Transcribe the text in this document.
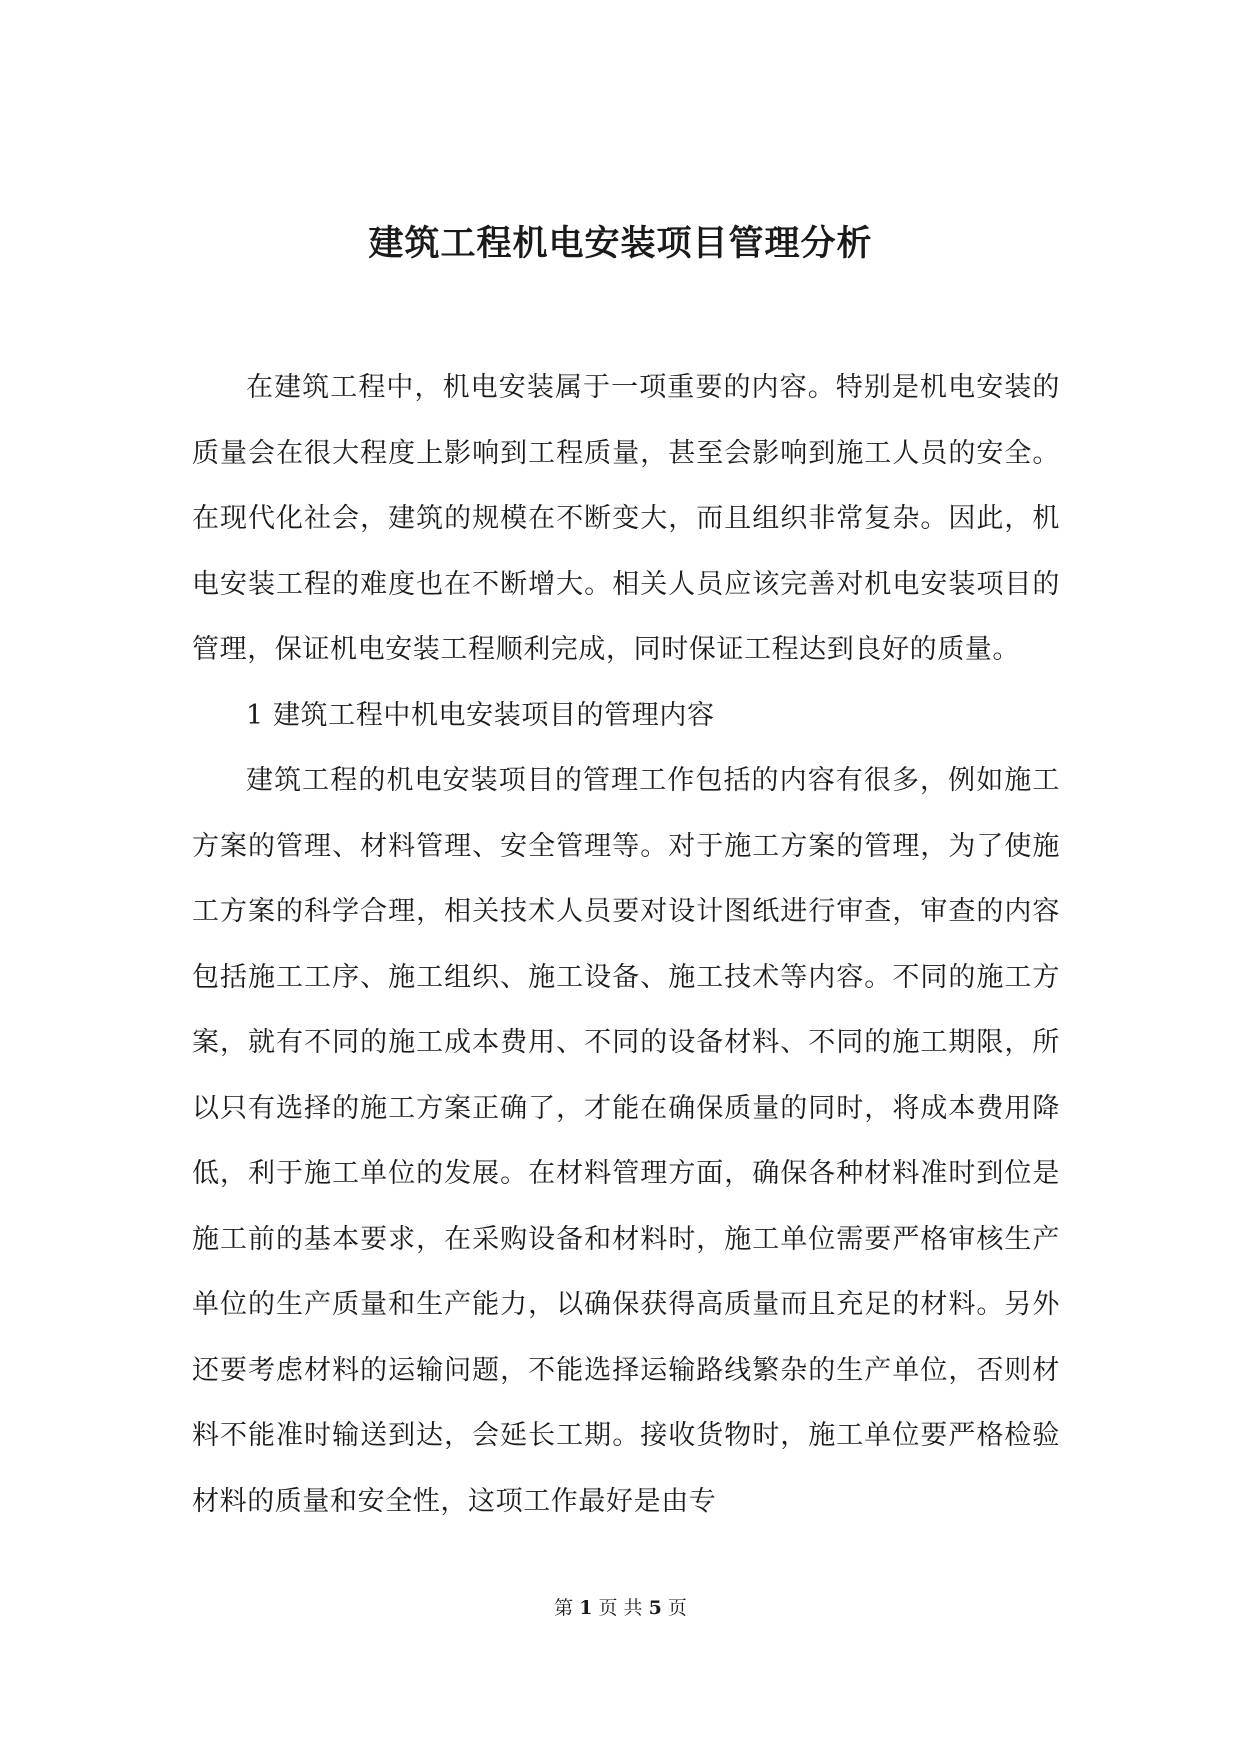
建筑工程机电安装项目管理分析

在建筑工程中，机电安装属于一项重要的内容。特别是机电安装的质量会在很大程度上影响到工程质量，甚至会影响到施工人员的安全。在现代化社会，建筑的规模在不断变大，而且组织非常复杂。因此，机电安装工程的难度也在不断增大。相关人员应该完善对机电安装项目的管理，保证机电安装工程顺利完成，同时保证工程达到良好的质量。

1 建筑工程中机电安装项目的管理内容

建筑工程的机电安装项目的管理工作包括的内容有很多，例如施工方案的管理、材料管理、安全管理等。对于施工方案的管理，为了使施工方案的科学合理，相关技术人员要对设计图纸进行审查，审查的内容包括施工工序、施工组织、施工设备、施工技术等内容。不同的施工方案，就有不同的施工成本费用、不同的设备材料、不同的施工期限，所以只有选择的施工方案正确了，才能在确保质量的同时，将成本费用降低，利于施工单位的发展。在材料管理方面，确保各种材料准时到位是施工前的基本要求，在采购设备和材料时，施工单位需要严格审核生产单位的生产质量和生产能力，以确保获得高质量而且充足的材料。另外还要考虑材料的运输问题，不能选择运输路线繁杂的生产单位，否则材料不能准时输送到达，会延长工期。接收货物时，施工单位要严格检验材料的质量和安全性，这项工作最好是由专

第 1 页 共 5 页
